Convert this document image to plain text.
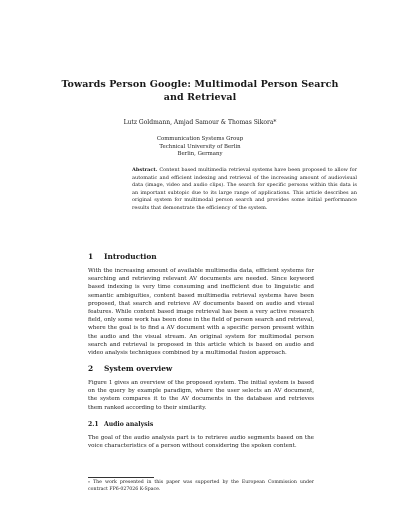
Towards Person Google: Multimodal Person Search and Retrieval
Lutz Goldmann, Amjad Samour & Thomas Sikora*
Communication Systems Group
Technical University of Berlin
Berlin, Germany
Abstract. Content based multimedia retrieval systems have been proposed to allow for automatic and efficient indexing and retrieval of the increasing amount of audiovisual data (image, video and audio clips). The search for specific persons within this data is an important subtopic due to its large range of applications. This article describes an original system for multimodal person search and provides some initial performance results that demonstrate the efficiency of the system.
1 Introduction
With the increasing amount of available multimedia data, efficient systems for searching and retrieving relevant AV documents are needed. Since keyword based indexing is very time consuming and inefficient due to linguistic and semantic ambiguities, content based multimedia retrieval systems have been proposed, that search and retrieve AV documents based on audio and visual features. While content based image retrieval has been a very active research field, only some work has been done in the field of person search and retrieval, where the goal is to find a AV document with a specific person present within the audio and the visual stream. An original system for multimodal person search and retrieval is proposed in this article which is based on audio and video analysis techniques combined by a multimodal fusion approach.
2 System overview
Figure 1 gives an overview of the proposed system. The initial system is based on the query by example paradigm, where the user selects an AV document, the system compares it to the AV documents in the database and retrieves them ranked according to their similarity.
2.1 Audio analysis
The goal of the audio analysis part is to retrieve audio segments based on the voice characteristics of a person without considering the spoken content.
* The work presented in this paper was supported by the European Commission under contract FP6-027026 K-Space.
